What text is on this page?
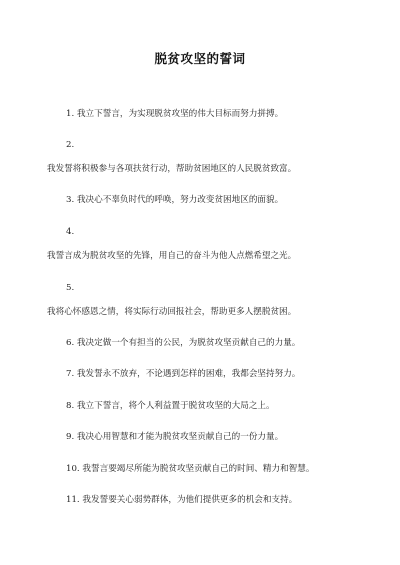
脱贫攻坚的誓词
1. 我立下誓言，为实现脱贫攻坚的伟大目标而努力拼搏。
2.
我发誓将积极参与各项扶贫行动，帮助贫困地区的人民脱贫致富。
3. 我决心不辜负时代的呼唤，努力改变贫困地区的面貌。
4.
我誓言成为脱贫攻坚的先锋，用自己的奋斗为他人点燃希望之光。
5.
我将心怀感恩之情，将实际行动回报社会，帮助更多人摆脱贫困。
6. 我决定做一个有担当的公民，为脱贫攻坚贡献自己的力量。
7. 我发誓永不放弃，不论遇到怎样的困难，我都会坚持努力。
8. 我立下誓言，将个人利益置于脱贫攻坚的大局之上。
9. 我决心用智慧和才能为脱贫攻坚贡献自己的一份力量。
10. 我誓言要竭尽所能为脱贫攻坚贡献自己的时间、精力和智慧。
11. 我发誓要关心弱势群体，为他们提供更多的机会和支持。
